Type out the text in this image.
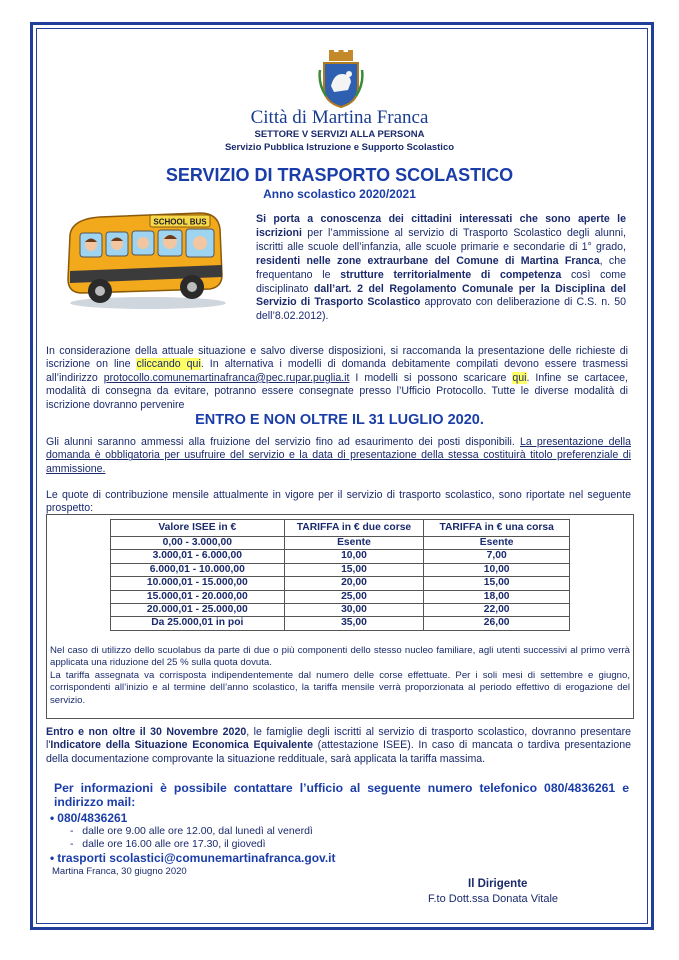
Città di Martina Franca
SETTORE V SERVIZI ALLA PERSONA
Servizio Pubblica Istruzione e Supporto Scolastico
SERVIZIO DI TRASPORTO SCOLASTICO
Anno scolastico 2020/2021
SCHOOL BUS	Si porta a conoscenza dei cittadini interessati che sono aperte le iscrizioni per l’ammissione al servizio di Trasporto Scolastico degli alunni, iscritti alle scuole dell’infanzia, alle scuole primarie e secondarie di 1° grado, residenti nelle zone extraurbane del Comune di Martina Franca, che frequentano le strutture territorialmente di competenza così come disciplinato dall’art. 2 del Regolamento Comunale per la Disciplina del Servizio di Trasporto Scolastico approvato con deliberazione di C.S. n. 50 dell’8.02.2012).
In considerazione della attuale situazione e salvo diverse disposizioni, si raccomanda la presentazione delle richieste di iscrizione on line cliccando qui. In alternativa i modelli di domanda debitamente compilati devono essere trasmessi all’indirizzo protocollo.comunemartinafranca@pec.rupar.puglia.it I modelli si possono scaricare qui. Infine se cartacee, modalità di consegna da evitare, potranno essere consegnate presso l’Ufficio Protocollo. Tutte le diverse modalità di iscrizione dovranno pervenire
ENTRO E NON OLTRE IL 31 LUGLIO 2020.
Gli alunni saranno ammessi alla fruizione del servizio fino ad esaurimento dei posti disponibili. La presentazione della domanda è obbligatoria per usufruire del servizio e la data di presentazione della stessa costituirà titolo preferenziale di ammissione.
Le quote di contribuzione mensile attualmente in vigore per il servizio di trasporto scolastico, sono riportate nel seguente prospetto:
Valore ISEE in €	TARIFFA in € due corse	TARIFFA in € una corsa
0,00 - 3.000,00	Esente	Esente
3.000,01 - 6.000,00	10,00	7,00
6.000,01 - 10.000,00	15,00	10,00
10.000,01 - 15.000,00	20,00	15,00
15.000,01 - 20.000,00	25,00	18,00
20.000,01 - 25.000,00	30,00	22,00
Da 25.000,01 in poi	35,00	26,00
Nel caso di utilizzo dello scuolabus da parte di due o più componenti dello stesso nucleo familiare, agli utenti successivi al primo verrà applicata una riduzione del 25 % sulla quota dovuta.
La tariffa assegnata va corrisposta indipendentemente dal numero delle corse effettuate. Per i soli mesi di settembre e giugno, corrispondenti all’inizio e al termine dell’anno scolastico, la tariffa mensile verrà proporzionata al periodo effettivo di erogazione del servizio.
Entro e non oltre il 30 Novembre 2020, le famiglie degli iscritti al servizio di trasporto scolastico, dovranno presentare l'Indicatore della Situazione Economica Equivalente (attestazione ISEE). In caso di mancata o tardiva presentazione della documentazione comprovante la situazione reddituale, sarà applicata la tariffa massima.
Per informazioni è possibile contattare l’ufficio al seguente numero telefonico 080/4836261 e indirizzo mail:
• 080/4836261
-   dalle ore 9.00 alle ore 12.00, dal lunedì al venerdì
-   dalle ore 16.00 alle ore 17.30, il giovedì
• trasporti scolastici@comunemartinafranca.gov.it
Martina Franca, 30 giugno 2020
Il Dirigente
F.to Dott.ssa Donata Vitale
